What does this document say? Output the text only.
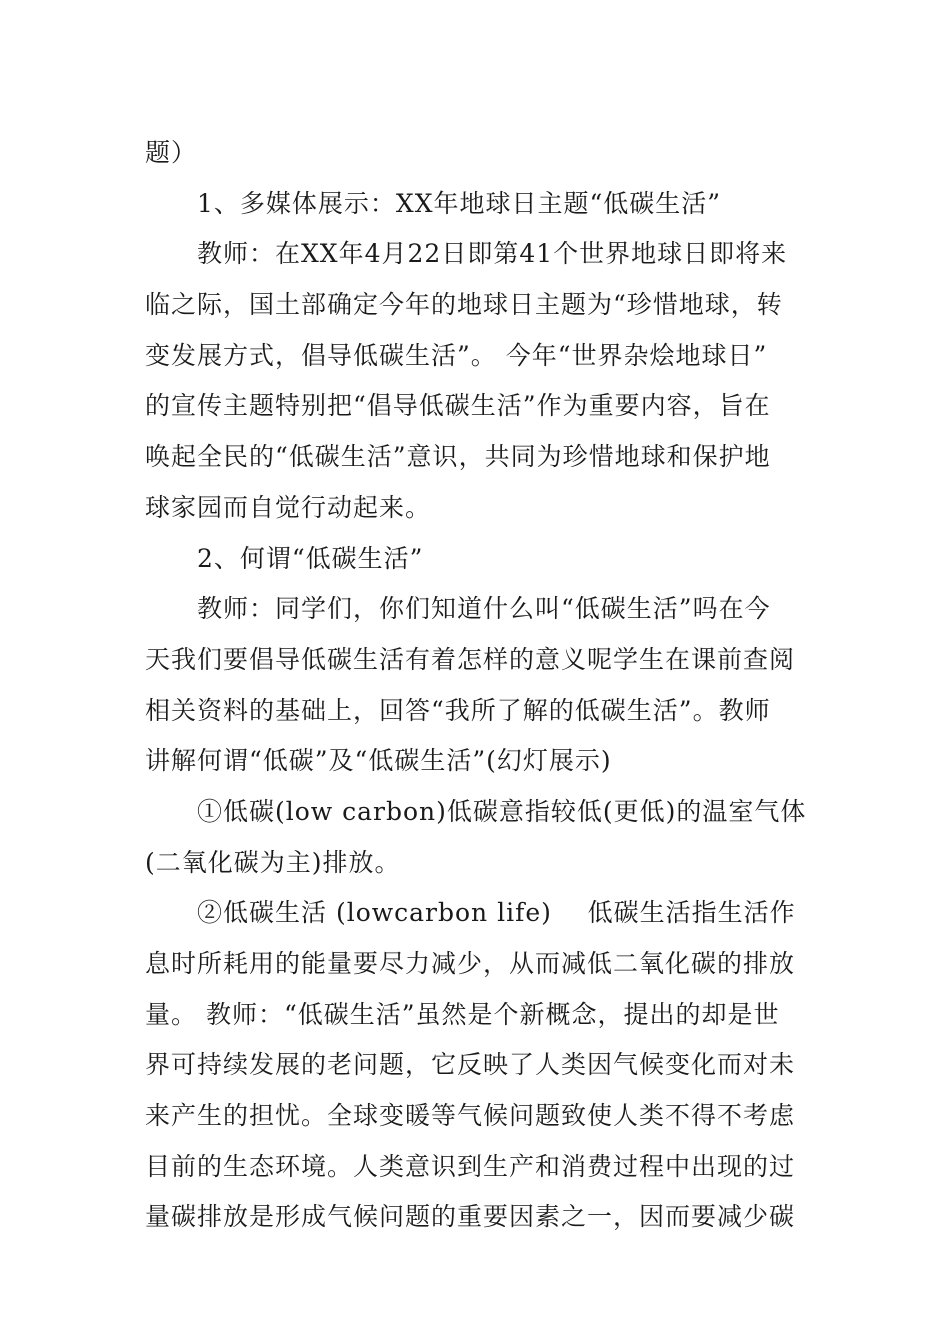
题）
1、多媒体展示：XX年地球日主题“低碳生活”
教师：在XX年4月22日即第41个世界地球日即将来
临之际，国土部确定今年的地球日主题为“珍惜地球，转
变发展方式，倡导低碳生活”。 今年“世界杂烩地球日”
的宣传主题特别把“倡导低碳生活”作为重要内容，旨在
唤起全民的“低碳生活”意识，共同为珍惜地球和保护地
球家园而自觉行动起来。
2、何谓“低碳生活”
教师：同学们，你们知道什么叫“低碳生活”吗在今
天我们要倡导低碳生活有着怎样的意义呢学生在课前查阅
相关资料的基础上，回答“我所了解的低碳生活”。教师
讲解何谓“低碳”及“低碳生活”(幻灯展示)
①低碳(low carbon)低碳意指较低(更低)的温室气体
(二氧化碳为主)排放。
②低碳生活 (lowcarbon life)    低碳生活指生活作
息时所耗用的能量要尽力减少，从而减低二氧化碳的排放
量。 教师：“低碳生活”虽然是个新概念，提出的却是世
界可持续发展的老问题，它反映了人类因气候变化而对未
来产生的担忧。全球变暖等气候问题致使人类不得不考虑
目前的生态环境。人类意识到生产和消费过程中出现的过
量碳排放是形成气候问题的重要因素之一，因而要减少碳
